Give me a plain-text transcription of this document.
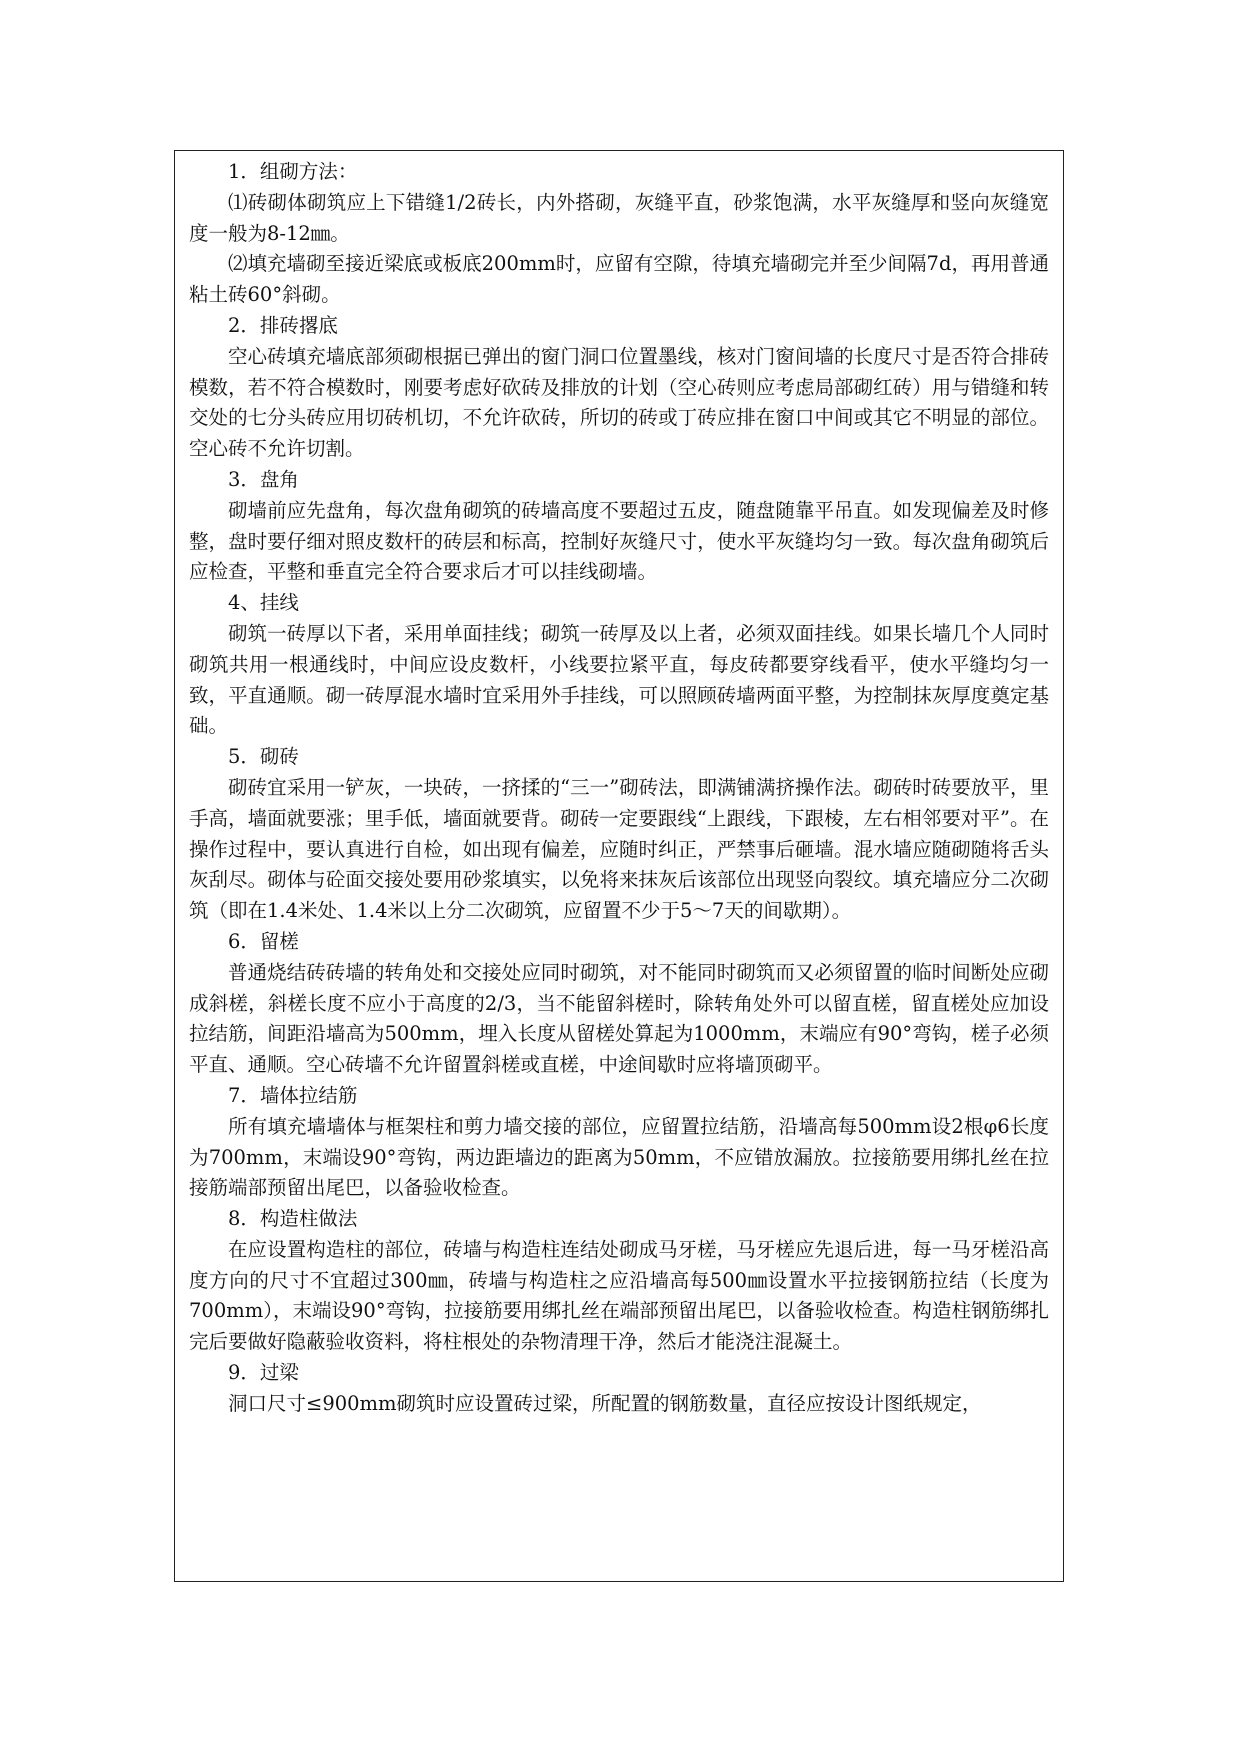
1．组砌方法：

⑴砖砌体砌筑应上下错缝1/2砖长，内外搭砌，灰缝平直，砂浆饱满，水平灰缝厚和竖向灰缝宽度一般为8-12㎜。

⑵填充墙砌至接近梁底或板底200mm时，应留有空隙，待填充墙砌完并至少间隔7d，再用普通粘土砖60°斜砌。

2．排砖撂底

空心砖填充墙底部须砌根据已弹出的窗门洞口位置墨线，核对门窗间墙的长度尺寸是否符合排砖模数，若不符合模数时，刚要考虑好砍砖及排放的计划（空心砖则应考虑局部砌红砖）用与错缝和转交处的七分头砖应用切砖机切，不允许砍砖，所切的砖或丁砖应排在窗口中间或其它不明显的部位。空心砖不允许切割。

3．盘角

砌墙前应先盘角，每次盘角砌筑的砖墙高度不要超过五皮，随盘随靠平吊直。如发现偏差及时修整，盘时要仔细对照皮数杆的砖层和标高，控制好灰缝尺寸，使水平灰缝均匀一致。每次盘角砌筑后应检查，平整和垂直完全符合要求后才可以挂线砌墙。

4、挂线

砌筑一砖厚以下者，采用单面挂线；砌筑一砖厚及以上者，必须双面挂线。如果长墙几个人同时砌筑共用一根通线时，中间应设皮数杆，小线要拉紧平直，每皮砖都要穿线看平，使水平缝均匀一致，平直通顺。砌一砖厚混水墙时宜采用外手挂线，可以照顾砖墙两面平整，为控制抹灰厚度奠定基础。

5．砌砖

砌砖宜采用一铲灰，一块砖，一挤揉的“三一”砌砖法，即满铺满挤操作法。砌砖时砖要放平，里手高，墙面就要涨；里手低，墙面就要背。砌砖一定要跟线“上跟线，下跟棱，左右相邻要对平”。在操作过程中，要认真进行自检，如出现有偏差，应随时纠正，严禁事后砸墙。混水墙应随砌随将舌头灰刮尽。砌体与砼面交接处要用砂浆填实，以免将来抹灰后该部位出现竖向裂纹。填充墙应分二次砌筑（即在1.4米处、1.4米以上分二次砌筑，应留置不少于5～7天的间歇期）。

6．留槎

普通烧结砖砖墙的转角处和交接处应同时砌筑，对不能同时砌筑而又必须留置的临时间断处应砌成斜槎，斜槎长度不应小于高度的2/3，当不能留斜槎时，除转角处外可以留直槎，留直槎处应加设拉结筋，间距沿墙高为500mm，埋入长度从留槎处算起为1000mm，末端应有90°弯钩，槎子必须平直、通顺。空心砖墙不允许留置斜槎或直槎，中途间歇时应将墙顶砌平。

7．墙体拉结筋

所有填充墙墙体与框架柱和剪力墙交接的部位，应留置拉结筋，沿墙高每500mm设2根φ6长度为700mm，末端设90°弯钩，两边距墙边的距离为50mm，不应错放漏放。拉接筋要用绑扎丝在拉接筋端部预留出尾巴，以备验收检查。

8．构造柱做法

在应设置构造柱的部位，砖墙与构造柱连结处砌成马牙槎，马牙槎应先退后进，每一马牙槎沿高度方向的尺寸不宜超过300㎜，砖墙与构造柱之应沿墙高每500㎜设置水平拉接钢筋拉结（长度为700mm），末端设90°弯钩，拉接筋要用绑扎丝在端部预留出尾巴，以备验收检查。构造柱钢筋绑扎完后要做好隐蔽验收资料，将柱根处的杂物清理干净，然后才能浇注混凝土。

9．过梁

洞口尺寸≤900mm砌筑时应设置砖过梁，所配置的钢筋数量，直径应按设计图纸规定，
